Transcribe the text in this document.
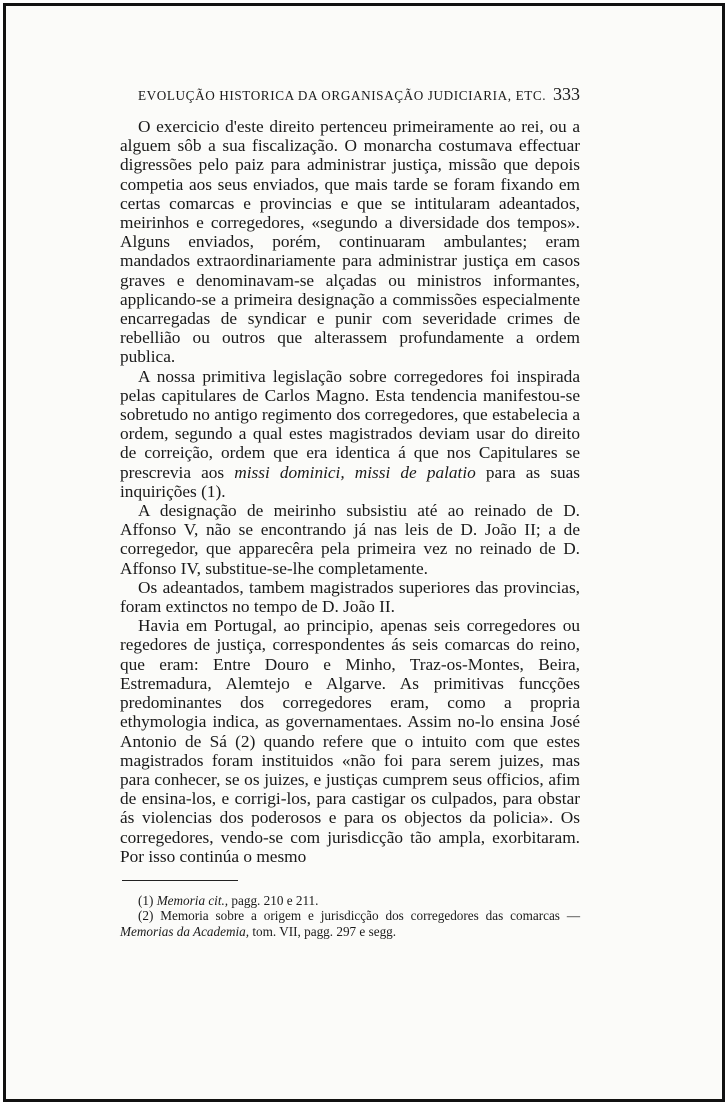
EVOLUÇÃO HISTORICA DA ORGANISAÇÃO JUDICIARIA, ETC. 333

O exercicio d'este direito pertenceu primeiramente ao rei, ou a alguem sôb a sua fiscalização. O monarcha costumava effectuar digressões pelo paiz para administrar justiça, missão que depois competia aos seus enviados, que mais tarde se foram fixando em certas comarcas e provincias e que se intitularam adeantados, meirinhos e corregedores, «segundo a diversidade dos tempos». Alguns enviados, porém, continuaram ambulantes; eram mandados extraordinariamente para administrar justiça em casos graves e denominavam-se alçadas ou ministros informantes, applicando-se a primeira designação a commissões especialmente encarregadas de syndicar e punir com severidade crimes de rebellião ou outros que alterassem profundamente a ordem publica.

A nossa primitiva legislação sobre corregedores foi inspirada pelas capitulares de Carlos Magno. Esta tendencia manifestou-se sobretudo no antigo regimento dos corregedores, que estabelecia a ordem, segundo a qual estes magistrados deviam usar do direito de correição, ordem que era identica á que nos Capitulares se prescrevia aos missi dominici, missi de palatio para as suas inquirições (1).

A designação de meirinho subsistiu até ao reinado de D. Affonso V, não se encontrando já nas leis de D. João II; a de corregedor, que apparecêra pela primeira vez no reinado de D. Affonso IV, substitue-se-lhe completamente.

Os adeantados, tambem magistrados superiores das provincias, foram extinctos no tempo de D. João II.

Havia em Portugal, ao principio, apenas seis corregedores ou regedores de justiça, correspondentes ás seis comarcas do reino, que eram: Entre Douro e Minho, Traz-os-Montes, Beira, Estremadura, Alemtejo e Algarve. As primitivas funcções predominantes dos corregedores eram, como a propria ethymologia indica, as governamentaes. Assim no-lo ensina José Antonio de Sá (2) quando refere que o intuito com que estes magistrados foram instituidos «não foi para serem juizes, mas para conhecer, se os juizes, e justiças cumprem seus officios, afim de ensina-los, e corrigi-los, para castigar os culpados, para obstar ás violencias dos poderosos e para os objectos da policia». Os corregedores, vendo-se com jurisdicção tão ampla, exorbitaram. Por isso continúa o mesmo

(1) Memoria cit., pagg. 210 e 211.

(2) Memoria sobre a origem e jurisdicção dos corregedores das comarcas — Memorias da Academia, tom. VII, pagg. 297 e segg.
